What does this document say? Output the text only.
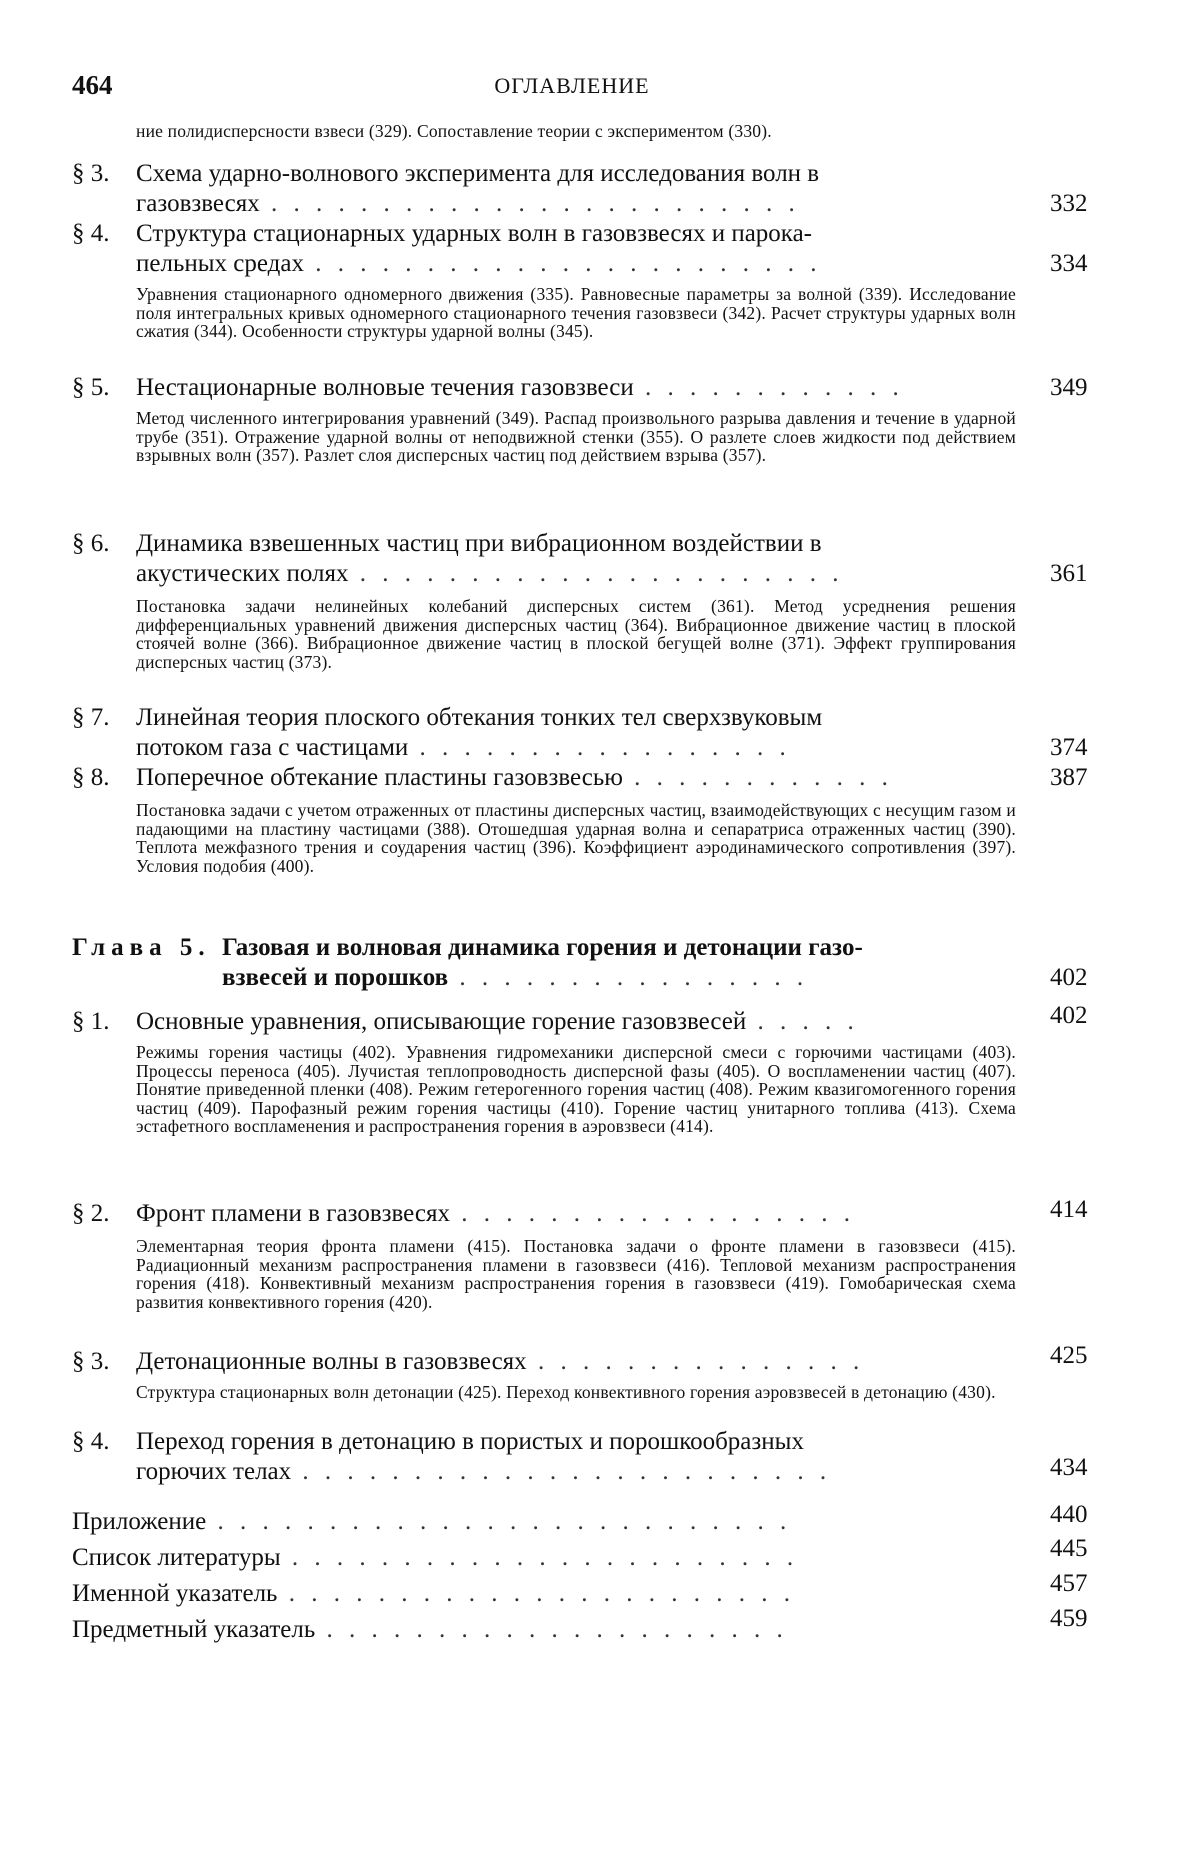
464	ОГЛАВЛЕНИЕ
ние полидисперсности взвеси (329). Сопоставление теории с экспериментом (330).
§ 3. Схема ударно-волнового эксперимента для исследования волн в
газовзвесях . . . . . . . . . . . . . . . . . . . . . . . .	332
§ 4. Структура стационарных ударных волн в газовзвесях и парока-
пельных средах . . . . . . . . . . . . . . . . . . . . . . .	334
Уравнения стационарного одномерного движения (335). Равновесные параметры за волной (339). Исследование поля интегральных кривых одномерного стационарного течения газовзвеси (342). Расчет структуры ударных волн сжатия (344). Особенности структуры ударной волны (345).
§ 5. Нестационарные волновые течения газовзвеси . . . . . . . . . . . .	349
Метод численного интегрирования уравнений (349). Распад произвольного разрыва давления и течение в ударной трубе (351). Отражение ударной волны от неподвижной стенки (355). О разлете слоев жидкости под действием взрывных волн (357). Разлет слоя дисперсных частиц под действием взрыва (357).
§ 6. Динамика взвешенных частиц при вибрационном воздействии в
акустических полях . . . . . . . . . . . . . . . . . . . . . .	361
Постановка задачи нелинейных колебаний дисперсных систем (361). Метод усреднения решения дифференциальных уравнений движения дисперсных частиц (364). Вибрационное движение частиц в плоской стоячей волне (366). Вибрационное движение частиц в плоской бегущей волне (371). Эффект группирования дисперсных частиц (373).
§ 7. Линейная теория плоского обтекания тонких тел сверхзвуковым
потоком газа с частицами . . . . . . . . . . . . . . . . .	374
§ 8. Поперечное обтекание пластины газовзвесью . . . . . . . . . . . .	387
Постановка задачи с учетом отраженных от пластины дисперсных частиц, взаимодействующих с несущим газом и падающими на пластину частицами (388). Отошедшая ударная волна и сепаратриса отраженных частиц (390). Теплота межфазного трения и соударения частиц (396). Коэффициент аэродинамического сопротивления (397). Условия подобия (400).
Глава 5. Газовая и волновая динамика горения и детонации газо-
взвесей и порошков . . . . . . . . . . . . . . . .	402
§ 1. Основные уравнения, описывающие горение газовзвесей . . . . .	402
Режимы горения частицы (402). Уравнения гидромеханики дисперсной смеси с горючими частицами (403). Процессы переноса (405). Лучистая теплопроводность дисперсной фазы (405). О воспламенении частиц (407). Понятие приведенной пленки (408). Режим гетерогенного горения частиц (408). Режим квазигомогенного горения частиц (409). Парофазный режим горения частицы (410). Горение частиц унитарного топлива (413). Схема эстафетного воспламенения и распространения горения в аэровзвеси (414).
§ 2. Фронт пламени в газовзвесях . . . . . . . . . . . . . . . . . .	414
Элементарная теория фронта пламени (415). Постановка задачи о фронте пламени в газовзвеси (415). Радиационный механизм распространения пламени в газовзвеси (416). Тепловой механизм распространения горения (418). Конвективный механизм распространения горения в газовзвеси (419). Гомобарическая схема развития конвективного горения (420).
§ 3. Детонационные волны в газовзвесях . . . . . . . . . . . . . . .	425
Структура стационарных волн детонации (425). Переход конвективного горения аэровзвесей в детонацию (430).
§ 4. Переход горения в детонацию в пористых и порошкообразных
горючих телах . . . . . . . . . . . . . . . . . . . . . . . .	434
Приложение . . . . . . . . . . . . . . . . . . . . . . . . . .	440
Список литературы . . . . . . . . . . . . . . . . . . . . . . .	445
Именной указатель . . . . . . . . . . . . . . . . . . . . . . .	457
Предметный указатель . . . . . . . . . . . . . . . . . . . . .	459
